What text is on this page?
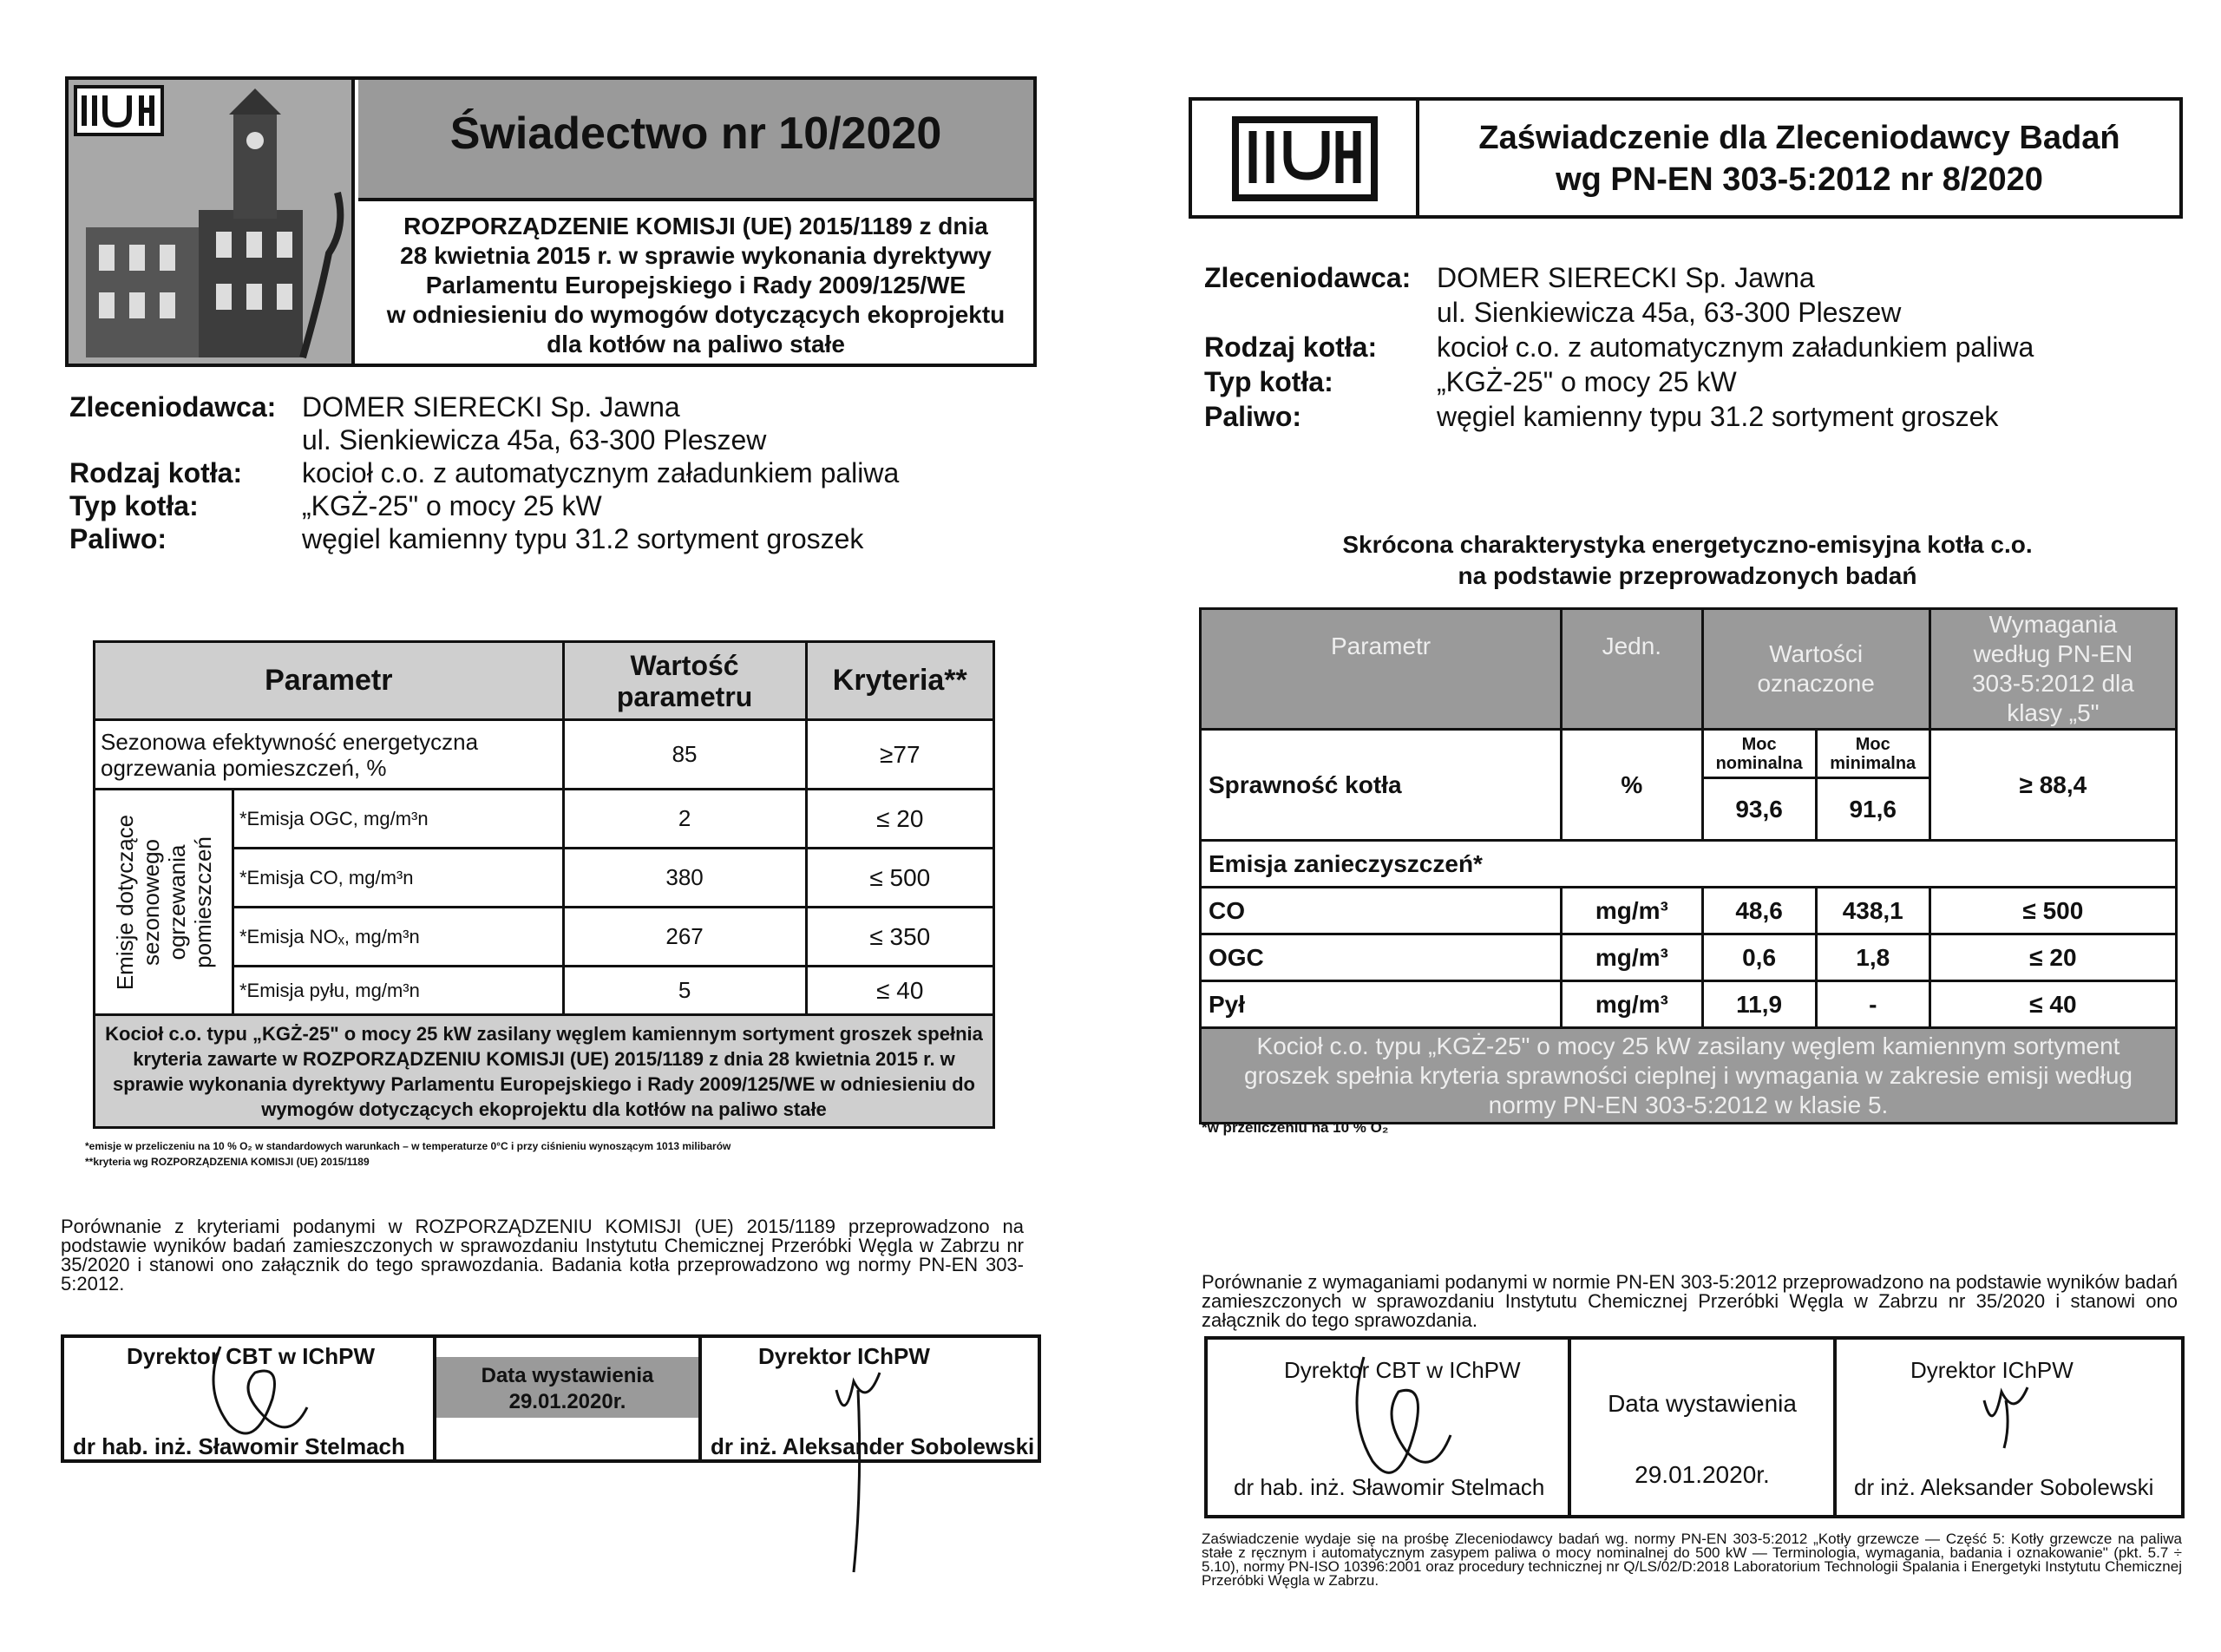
Świadectwo nr 10/2020
ROZPORZĄDZENIE KOMISJI (UE) 2015/1189 z dnia
28 kwietnia 2015 r. w sprawie wykonania dyrektywy
Parlamentu Europejskiego i Rady 2009/125/WE
w odniesieniu do wymogów dotyczących ekoprojektu
dla kotłów na paliwo stałe
Zleceniodawca: DOMER SIERECKI Sp. Jawna
ul. Sienkiewicza 45a, 63-300 Pleszew
Rodzaj kotła: kocioł c.o. z automatycznym załadunkiem paliwa
Typ kotła:	„KGŻ-25" o mocy 25 kW
Paliwo:	węgiel kamienny typu 31.2 sortyment groszek
Parametr		Wartość parametru	Kryteria**
Sezonowa efektywność energetyczna ogrzewania pomieszczeń, %		85	≥77

Emisje dotyczące sezonowego ogrzewania pomieszczeń	*Emisja OGC, mg/m³n	2	≤ 20
	*Emisja CO, mg/m³n	380	≤ 500
	*Emisja NOₓ, mg/m³n	267	≤ 350
	*Emisja pyłu, mg/m³n	5	≤ 40
Kocioł c.o. typu „KGŻ-25" o mocy 25 kW zasilany węglem kamiennym sortyment groszek spełnia kryteria zawarte w ROZPORZĄDZENIU KOMISJI (UE) 2015/1189 z dnia 28 kwietnia 2015 r. w sprawie wykonania dyrektywy Parlamentu Europejskiego i Rady 2009/125/WE w odniesieniu do wymogów dotyczących ekoprojektu dla kotłów na paliwo stałe			
*emisje w przeliczeniu na 10 % O₂ w standardowych warunkach – w temperaturze 0°C i przy ciśnieniu wynoszącym 1013 milibarów
**kryteria wg ROZPORZĄDZENIA KOMISJI (UE) 2015/1189
Porównanie z kryteriami podanymi w ROZPORZĄDZENIU KOMISJI (UE) 2015/1189 przeprowadzono na podstawie wyników badań zamieszczonych w sprawozdaniu Instytutu Chemicznej Przeróbki Węgla w Zabrzu nr 35/2020 i stanowi ono załącznik do tego sprawozdania. Badania kotła przeprowadzono wg normy PN-EN 303-5:2012.
Dyrektor CBT w IChPW
dr hab. inż. Sławomir Stelmach
Data wystawienia
29.01.2020r.
Dyrektor IChPW
dr inż. Aleksander Sobolewski
Zaświadczenie dla Zleceniodawcy Badań
wg PN-EN 303-5:2012 nr 8/2020
Zleceniodawca: DOMER SIERECKI Sp. Jawna
ul. Sienkiewicza 45a, 63-300 Pleszew
Rodzaj kotła: kocioł c.o. z automatycznym załadunkiem paliwa
Typ kotła:	„KGŻ-25" o mocy 25 kW
Paliwo:	węgiel kamienny typu 31.2 sortyment groszek
Skrócona charakterystyka energetyczno-emisyjna kotła c.o.
na podstawie przeprowadzonych badań
Parametr	Jedn.	Wartości oznaczone		Wymagania według PN-EN 303-5:2012 dla klasy „5"

Sprawność kotła	%	Moc nominalna	Moc minimalna	≥ 88,4
		93,6	91,6	
Emisja zanieczyszczeń*				
CO	mg/m³	48,6	438,1	≤ 500
OGC	mg/m³	0,6	1,8	≤ 20
Pył	mg/m³	11,9	-	≤ 40
Kocioł c.o. typu „KGŻ-25" o mocy 25 kW zasilany węglem kamiennym sortyment groszek spełnia kryteria sprawności cieplnej i wymagania w zakresie emisji według normy PN-EN 303-5:2012 w klasie 5.				
*w przeliczeniu na 10 % O₂
Porównanie z wymaganiami podanymi w normie PN-EN 303-5:2012 przeprowadzono na podstawie wyników badań zamieszczonych w sprawozdaniu Instytutu Chemicznej Przeróbki Węgla w Zabrzu nr 35/2020 i stanowi ono załącznik do tego sprawozdania.
Dyrektor CBT w IChPW
dr hab. inż. Sławomir Stelmach
Data wystawienia
29.01.2020r.
Dyrektor IChPW
dr inż. Aleksander Sobolewski
Zaświadczenie wydaje się na prośbę Zleceniodawcy badań wg. normy PN-EN 303-5:2012 „Kotły grzewcze — Część 5: Kotły grzewcze na paliwa stałe z ręcznym i automatycznym zasypem paliwa o mocy nominalnej do 500 kW — Terminologia, wymagania, badania i oznakowanie" (pkt. 5.7 ÷ 5.10), normy PN-ISO 10396:2001 oraz procedury technicznej nr Q/LS/02/D:2018 Laboratorium Technologii Spalania i Energetyki Instytutu Chemicznej Przeróbki Węgla w Zabrzu.
